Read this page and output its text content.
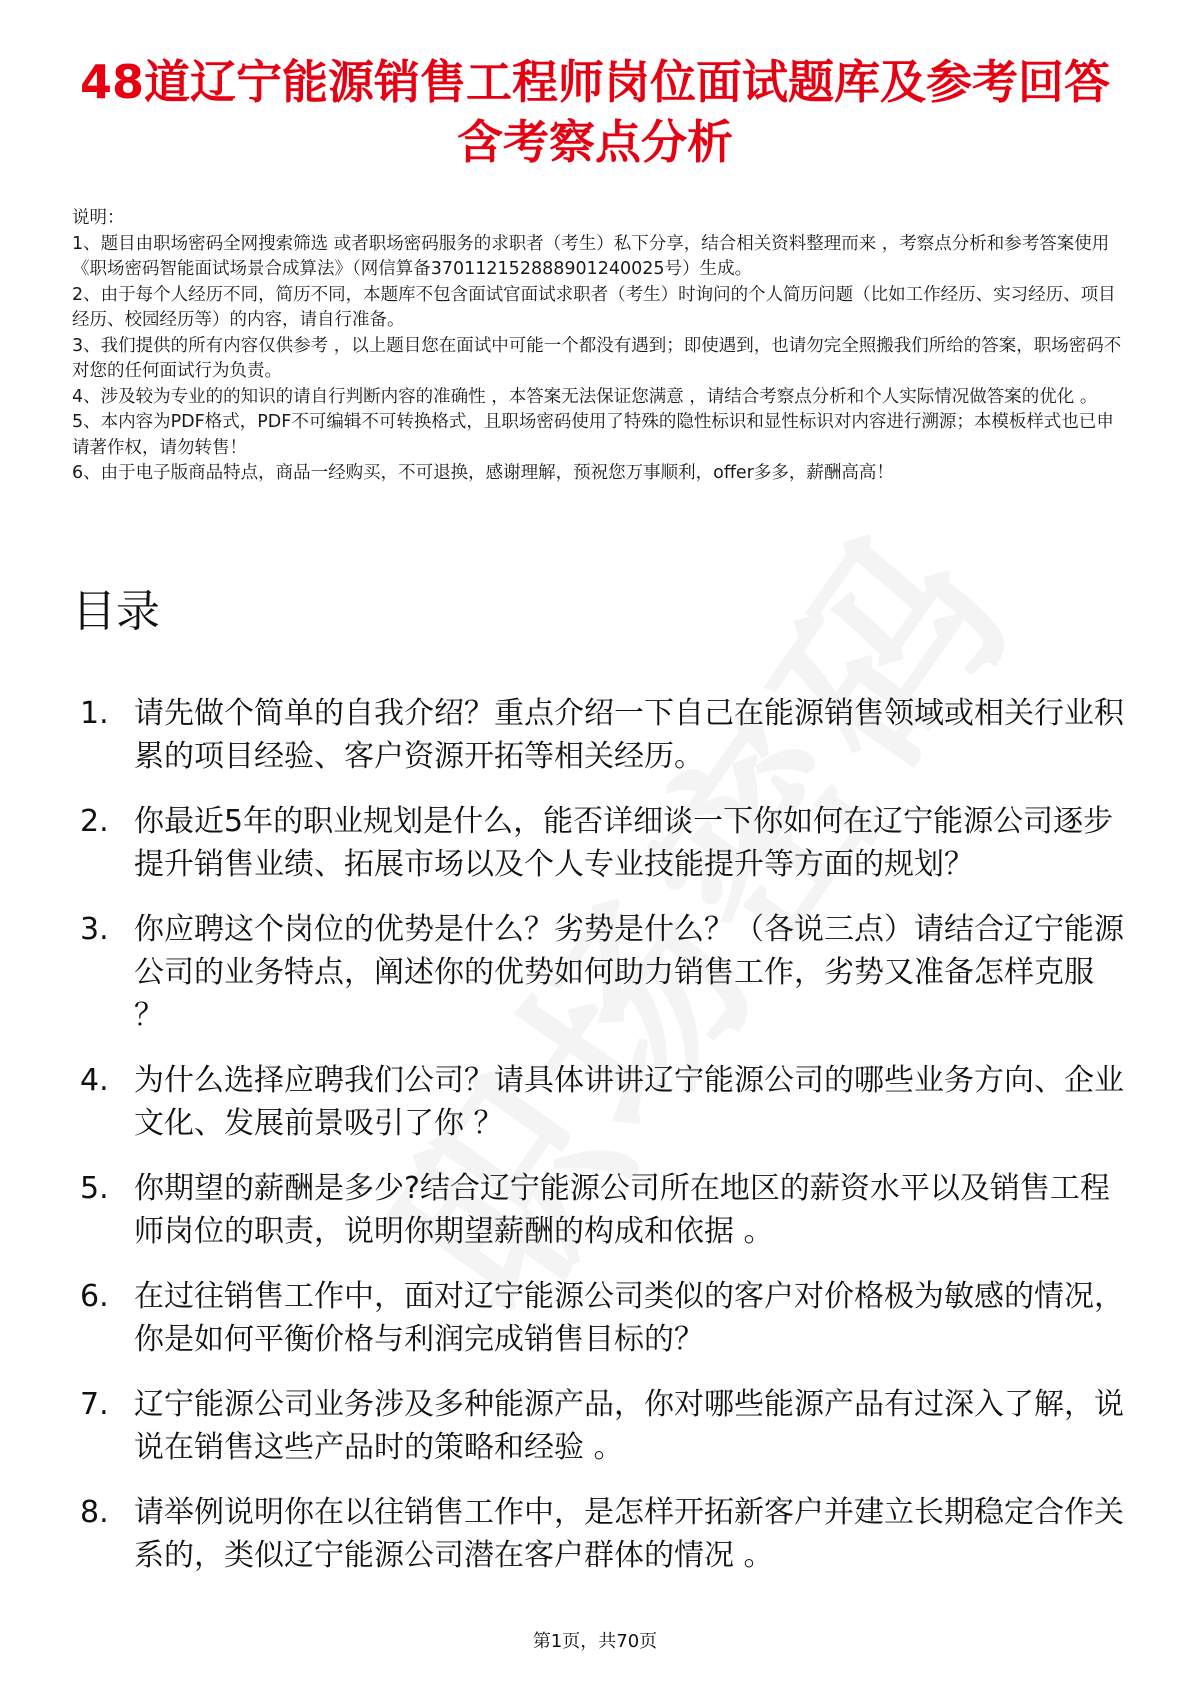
48道辽宁能源销售工程师岗位面试题库及参考回答含考察点分析

说明：

1、题目由职场密码全网搜索筛选 或者职场密码服务的求职者（考生）私下分享，结合相关资料整理而来 ，考察点分析和参考答案使用《职场密码智能面试场景合成算法》（网信算备370112152888901240025号）生成。

2、由于每个人经历不同，简历不同，本题库不包含面试官面试求职者（考生）时询问的个人简历问题（比如工作经历、实习经历、项目经历、校园经历等）的内容，请自行准备。

3、我们提供的所有内容仅供参考 ，以上题目您在面试中可能一个都没有遇到；即使遇到，也请勿完全照搬我们所给的答案，职场密码不对您的任何面试行为负责。

4、涉及较为专业的的知识的请自行判断内容的准确性 ，本答案无法保证您满意 ，请结合考察点分析和个人实际情况做答案的优化 。

5、本内容为PDF格式，PDF不可编辑不可转换格式，且职场密码使用了特殊的隐性标识和显性标识对内容进行溯源；本模板样式也已申请著作权，请勿转售！

6、由于电子版商品特点，商品一经购买，不可退换，感谢理解，预祝您万事顺利，offer多多，薪酬高高！

目录
1. 请先做个简单的自我介绍？重点介绍一下自己在能源销售领域或相关行业积累的项目经验、客户资源开拓等相关经历。
2. 你最近5年的职业规划是什么，能否详细谈一下你如何在辽宁能源公司逐步提升销售业绩、拓展市场以及个人专业技能提升等方面的规划？
3. 你应聘这个岗位的优势是什么？劣势是什么？（各说三点）请结合辽宁能源公司的业务特点，阐述你的优势如何助力销售工作，劣势又准备怎样克服 ？
4. 为什么选择应聘我们公司？请具体讲讲辽宁能源公司的哪些业务方向、企业文化、发展前景吸引了你 ？
5. 你期望的薪酬是多少?结合辽宁能源公司所在地区的薪资水平以及销售工程师岗位的职责，说明你期望薪酬的构成和依据 。
6. 在过往销售工作中，面对辽宁能源公司类似的客户对价格极为敏感的情况，你是如何平衡价格与利润完成销售目标的？
7. 辽宁能源公司业务涉及多种能源产品，你对哪些能源产品有过深入了解，说说在销售这些产品时的策略和经验 。
8. 请举例说明你在以往销售工作中，是怎样开拓新客户并建立长期稳定合作关系的，类似辽宁能源公司潜在客户群体的情况 。
第1页，共70页
